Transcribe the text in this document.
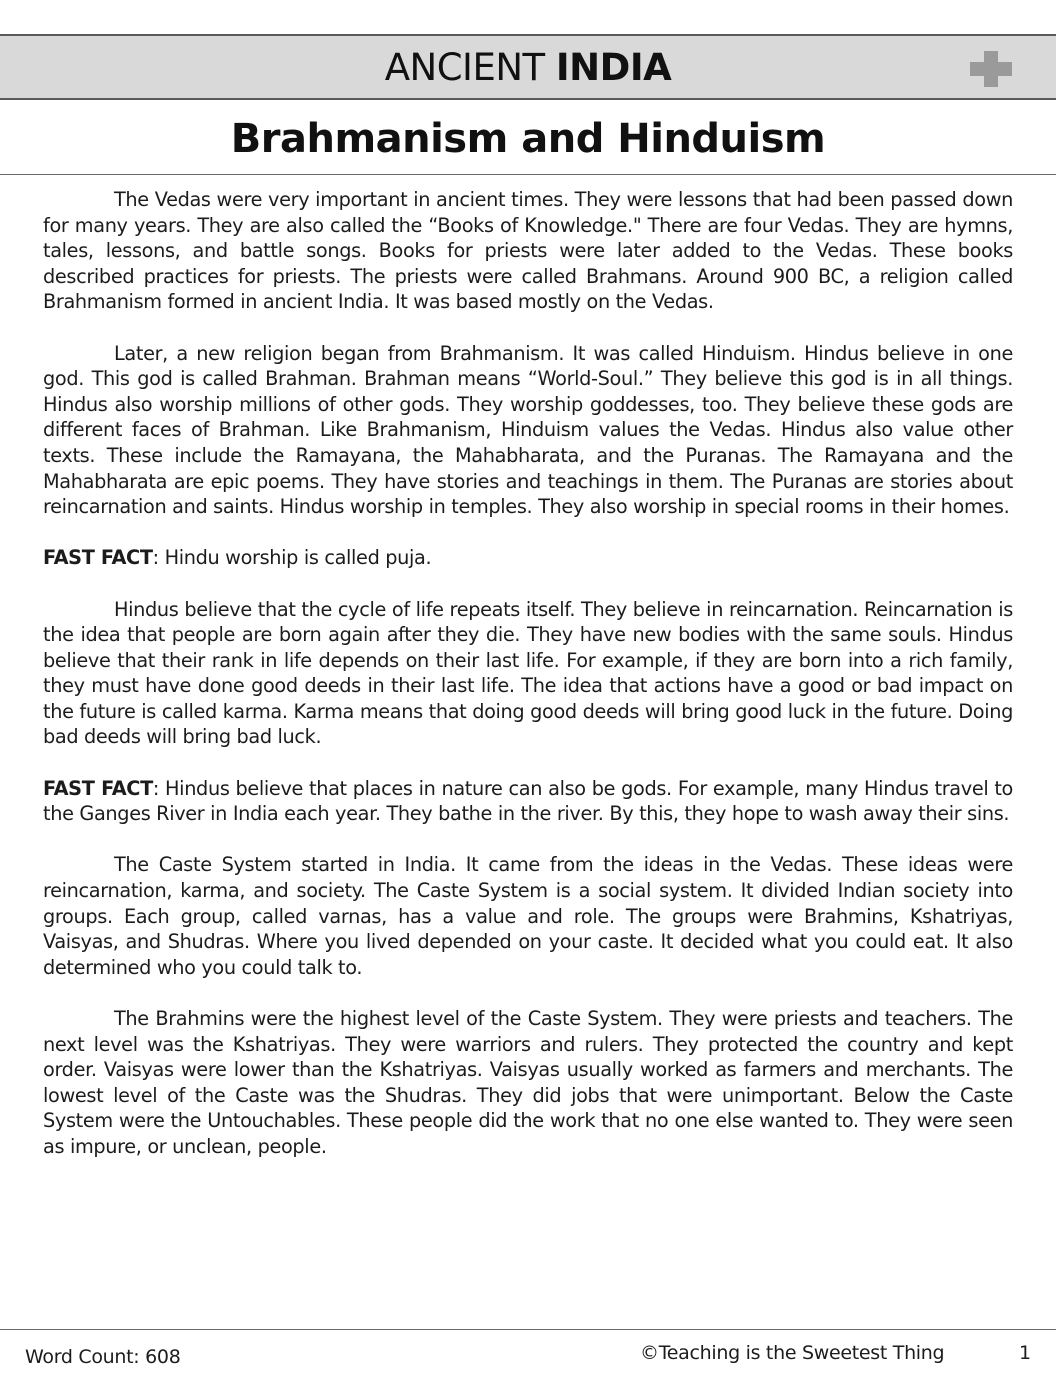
ANCIENT INDIA
Brahmanism and Hinduism

The Vedas were very important in ancient times. They were lessons that had been passed down for many years. They are also called the “Books of Knowledge." There are four Vedas. They are hymns, tales, lessons, and battle songs. Books for priests were later added to the Vedas. These books described practices for priests. The priests were called Brahmans. Around 900 BC, a religion called Brahmanism formed in ancient India. It was based mostly on the Vedas.

Later, a new religion began from Brahmanism. It was called Hinduism. Hindus believe in one god. This god is called Brahman. Brahman means “World-Soul.” They believe this god is in all things. Hindus also worship millions of other gods. They worship goddesses, too. They believe these gods are different faces of Brahman. Like Brahmanism, Hinduism values the Vedas. Hindus also value other texts. These include the Ramayana, the Mahabharata, and the Puranas. The Ramayana and the Mahabharata are epic poems. They have stories and teachings in them. The Puranas are stories about reincarnation and saints. Hindus worship in temples. They also worship in special rooms in their homes.

FAST FACT: Hindu worship is called puja.

Hindus believe that the cycle of life repeats itself. They believe in reincarnation. Reincarnation is the idea that people are born again after they die. They have new bodies with the same souls. Hindus believe that their rank in life depends on their last life. For example, if they are born into a rich family, they must have done good deeds in their last life. The idea that actions have a good or bad impact on the future is called karma. Karma means that doing good deeds will bring good luck in the future. Doing bad deeds will bring bad luck.

FAST FACT: Hindus believe that places in nature can also be gods. For example, many Hindus travel to the Ganges River in India each year. They bathe in the river. By this, they hope to wash away their sins.

The Caste System started in India. It came from the ideas in the Vedas. These ideas were reincarnation, karma, and society. The Caste System is a social system. It divided Indian society into groups. Each group, called varnas, has a value and role. The groups were Brahmins, Kshatriyas, Vaisyas, and Shudras. Where you lived depended on your caste. It decided what you could eat. It also determined who you could talk to.

The Brahmins were the highest level of the Caste System. They were priests and teachers. The next level was the Kshatriyas. They were warriors and rulers. They protected the country and kept order. Vaisyas were lower than the Kshatriyas. Vaisyas usually worked as farmers and merchants. The lowest level of the Caste was the Shudras. They did jobs that were unimportant. Below the Caste System were the Untouchables. These people did the work that no one else wanted to. They were seen as impure, or unclean, people.

Word Count: 608	©Teaching is the Sweetest Thing	1
